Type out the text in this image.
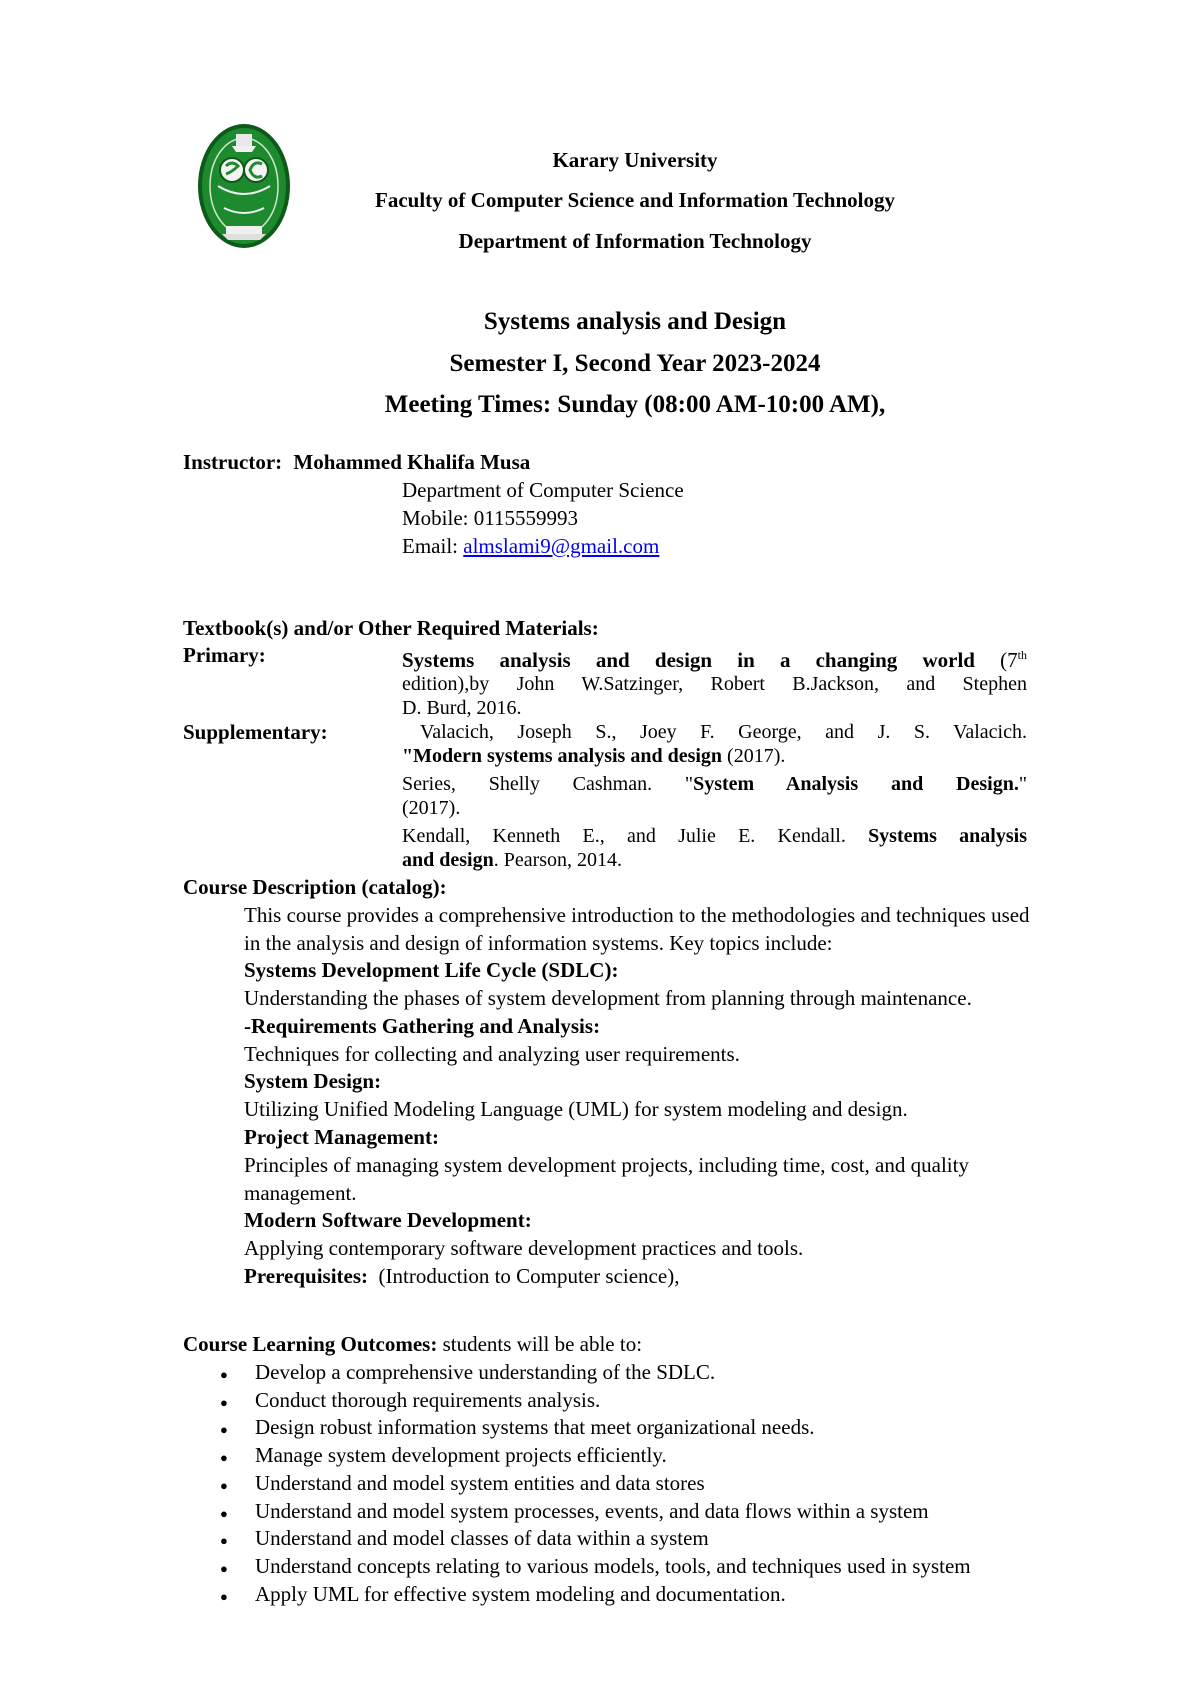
Karary University
Faculty of Computer Science and Information Technology
Department of Information Technology
Systems analysis and Design
Semester I, Second Year 2023-2024
Meeting Times: Sunday (08:00 AM-10:00 AM),
Instructor: Mohammed Khalifa Musa
Department of Computer Science
Mobile: 0115559993
Email: almslami9@gmail.com
Textbook(s) and/or Other Required Materials:
Primary:	Systems analysis and design in a changing world (7th
edition),by John W.Satzinger, Robert B.Jackson, and Stephen
D. Burd, 2016.
Supplementary:	Valacich, Joseph S., Joey F. George, and J. S. Valacich.
"Modern systems analysis and design (2017).
Series, Shelly Cashman. "System Analysis and Design."
(2017).
Kendall, Kenneth E., and Julie E. Kendall. Systems analysis
and design. Pearson, 2014.
Course Description (catalog):
This course provides a comprehensive introduction to the methodologies and techniques used
in the analysis and design of information systems. Key topics include:
Systems Development Life Cycle (SDLC):
Understanding the phases of system development from planning through maintenance.
-Requirements Gathering and Analysis:
Techniques for collecting and analyzing user requirements.
System Design:
Utilizing Unified Modeling Language (UML) for system modeling and design.
Project Management:
Principles of managing system development projects, including time, cost, and quality
management.
Modern Software Development:
Applying contemporary software development practices and tools.
Prerequisites:  (Introduction to Computer science),
Course Learning Outcomes: students will be able to:
● Develop a comprehensive understanding of the SDLC.
● Conduct thorough requirements analysis.
● Design robust information systems that meet organizational needs.
● Manage system development projects efficiently.
● Understand and model system entities and data stores
● Understand and model system processes, events, and data flows within a system
● Understand and model classes of data within a system
● Understand concepts relating to various models, tools, and techniques used in system
● Apply UML for effective system modeling and documentation.
